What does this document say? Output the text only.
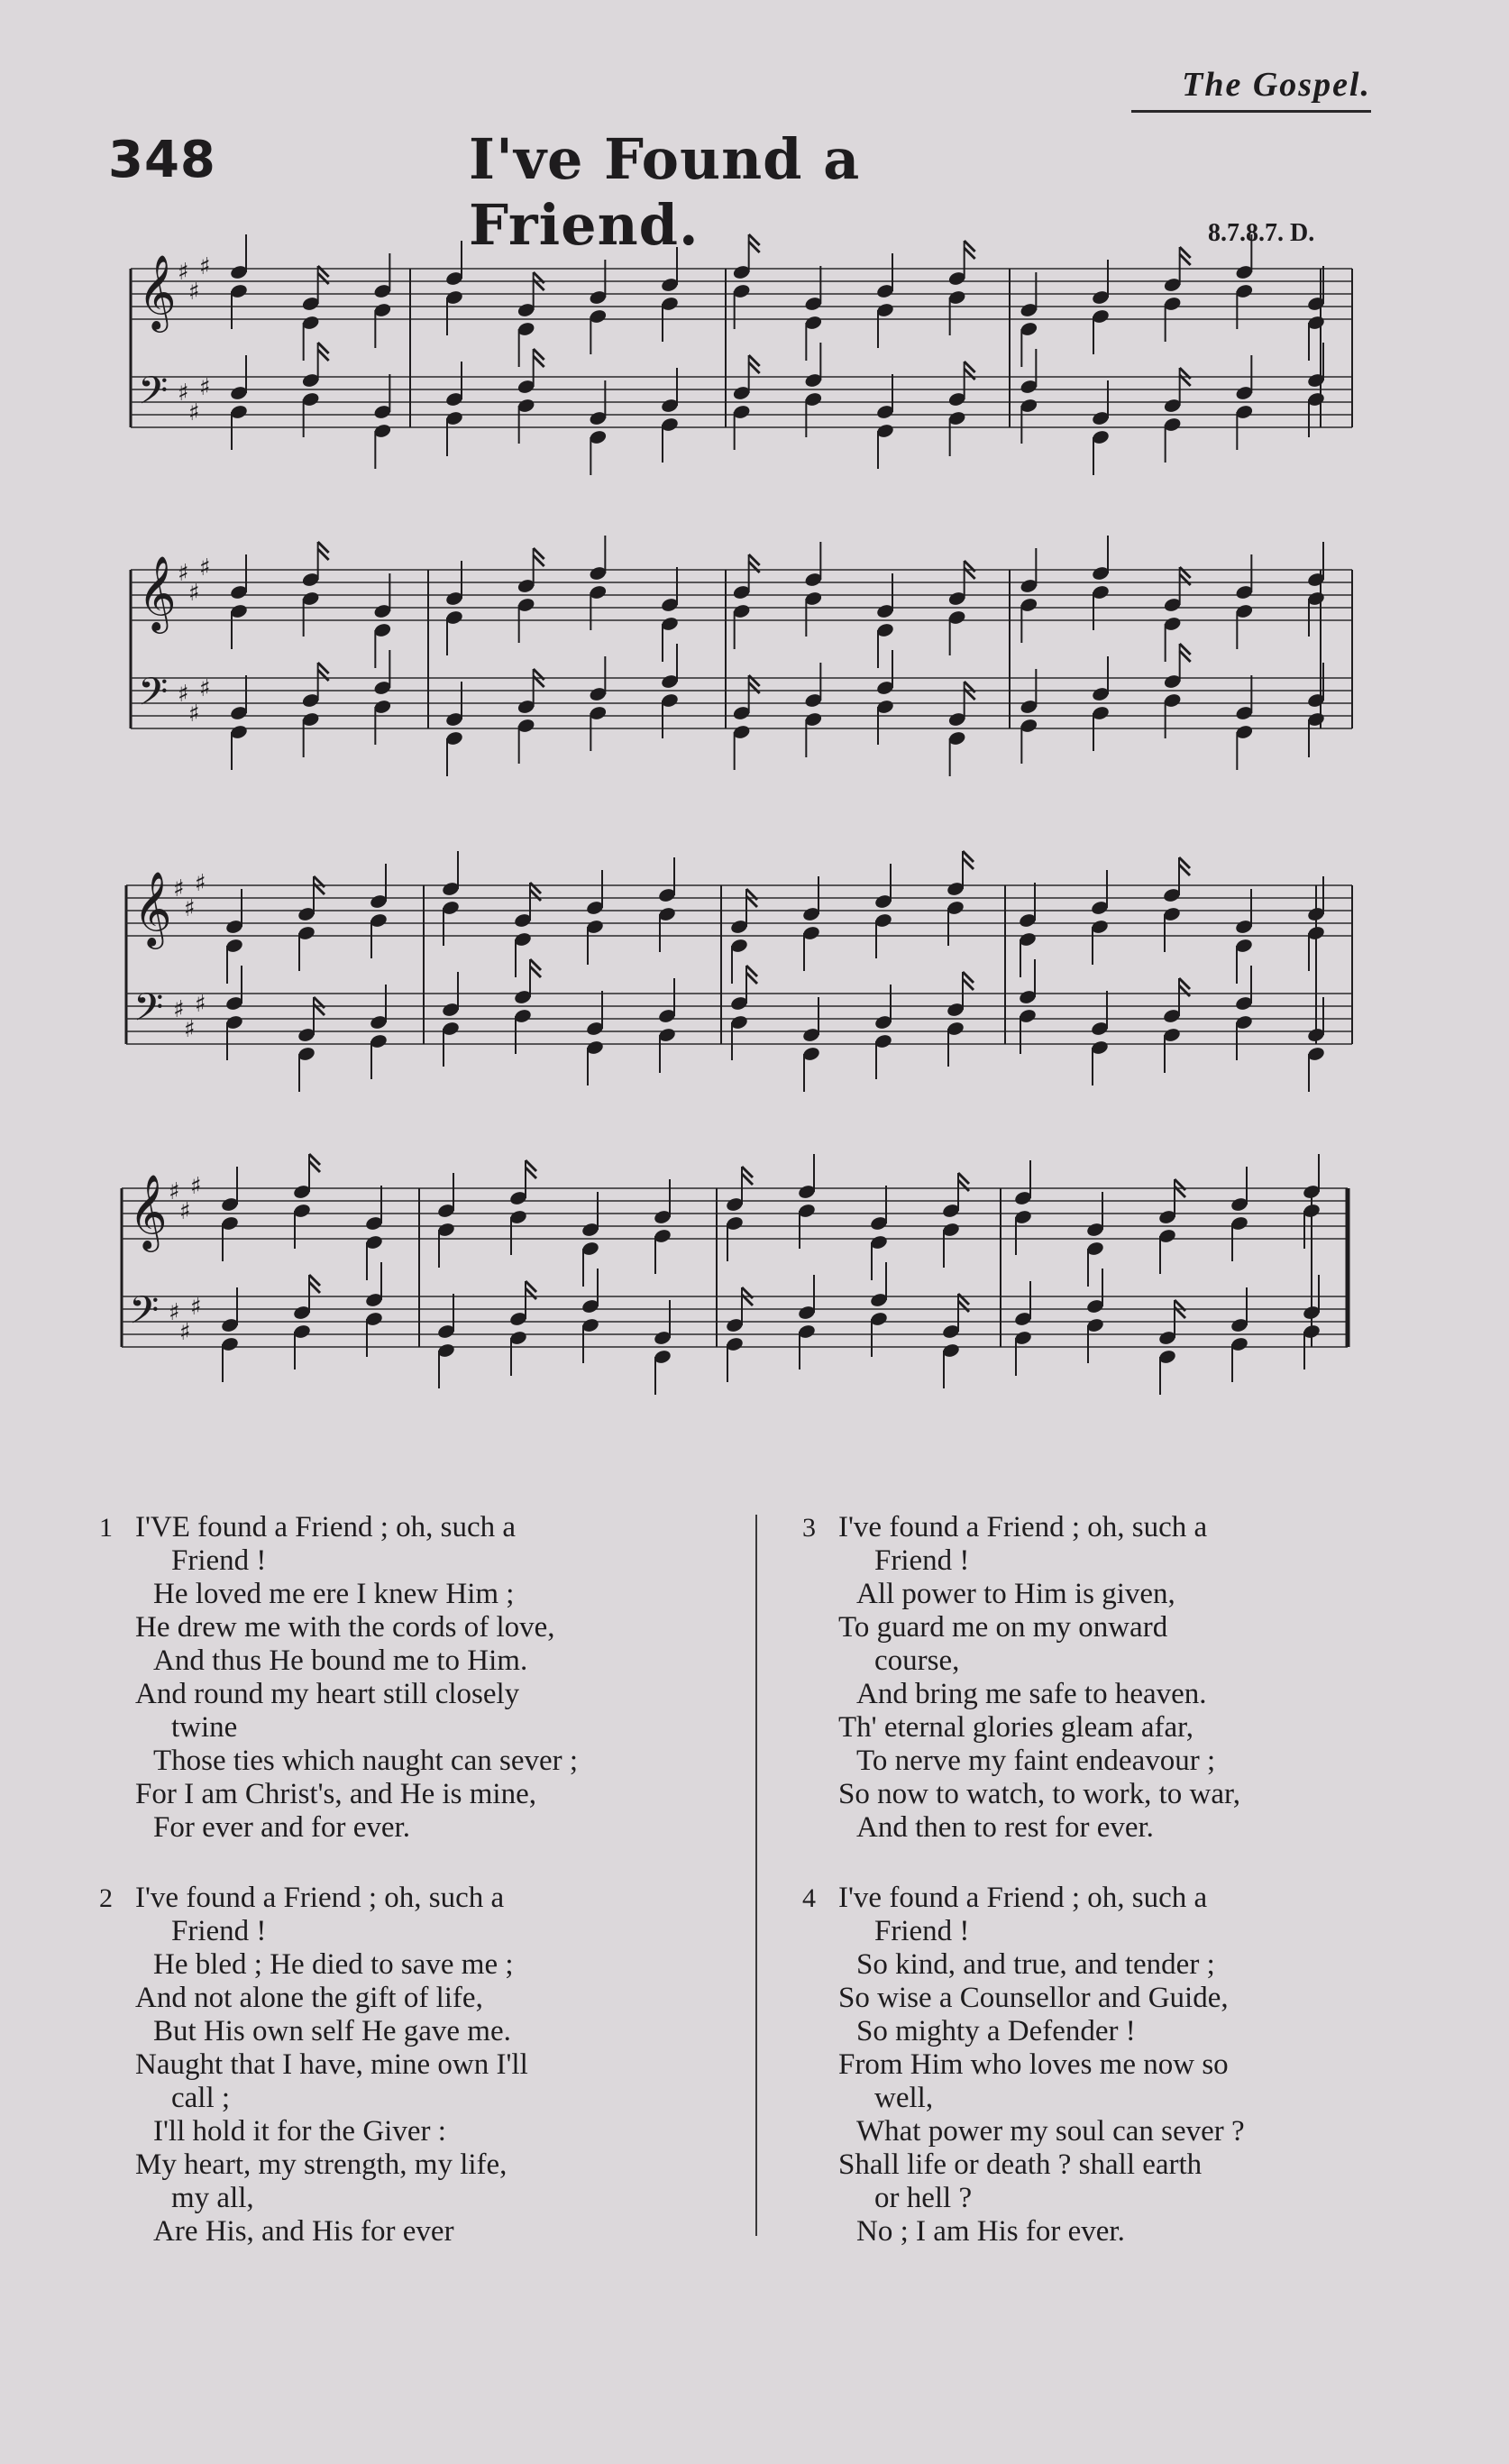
The Gospel.
348	I've Found a Friend.	8.7.8.7. D.
𝄞 ♯
♯
♯
𝄢 ♯
♯
♯
𝄞 ♯
♯
♯
𝄢 ♯
♯
♯
𝄞 ♯
♯
♯
𝄢 ♯
♯
♯
𝄞 ♯
♯
♯
𝄢 ♯
♯
♯
1 I'VE found a Friend ; oh, such a
Friend !
He loved me ere I knew Him ;
He drew me with the cords of love,
And thus He bound me to Him.
And round my heart still closely
twine
Those ties which naught can sever ;
For I am Christ's, and He is mine,
For ever and for ever.
2 I've found a Friend ; oh, such a
Friend !
He bled ; He died to save me ;
And not alone the gift of life,
But His own self He gave me.
Naught that I have, mine own I'll
call ;
I'll hold it for the Giver :
My heart, my strength, my life,
my all,
Are His, and His for ever
3 I've found a Friend ; oh, such a
Friend !
All power to Him is given,
To guard me on my onward
course,
And bring me safe to heaven.
Th' eternal glories gleam afar,
To nerve my faint endeavour ;
So now to watch, to work, to war,
And then to rest for ever.
4 I've found a Friend ; oh, such a
Friend !
So kind, and true, and tender ;
So wise a Counsellor and Guide,
So mighty a Defender !
From Him who loves me now so
well,
What power my soul can sever ?
Shall life or death ? shall earth
or hell ?
No ; I am His for ever.
